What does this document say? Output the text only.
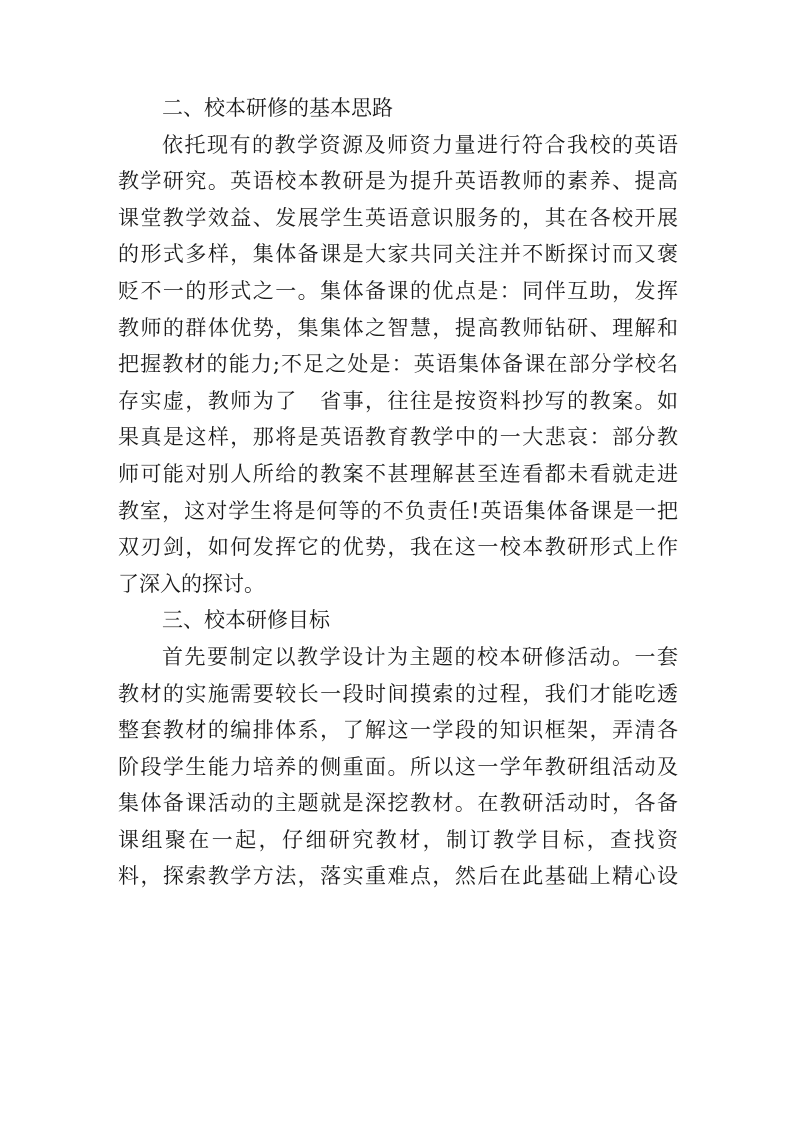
二、校本研修的基本思路
依托现有的教学资源及师资力量进行符合我校的英语
教学研究。英语校本教研是为提升英语教师的素养、提高
课堂教学效益、发展学生英语意识服务的，其在各校开展
的形式多样，集体备课是大家共同关注并不断探讨而又褒
贬不一的形式之一。集体备课的优点是：同伴互助，发挥
教师的群体优势，集集体之智慧，提高教师钻研、理解和
把握教材的能力;不足之处是：英语集体备课在部分学校名
存实虚，教师为了　省事，往往是按资料抄写的教案。如
果真是这样，那将是英语教育教学中的一大悲哀：部分教
师可能对别人所给的教案不甚理解甚至连看都未看就走进
教室，这对学生将是何等的不负责任!英语集体备课是一把
双刃剑，如何发挥它的优势，我在这一校本教研形式上作
了深入的探讨。
三、校本研修目标
首先要制定以教学设计为主题的校本研修活动。一套
教材的实施需要较长一段时间摸索的过程，我们才能吃透
整套教材的编排体系，了解这一学段的知识框架，弄清各
阶段学生能力培养的侧重面。所以这一学年教研组活动及
集体备课活动的主题就是深挖教材。在教研活动时，各备
课组聚在一起，仔细研究教材，制订教学目标，查找资
料，探索教学方法，落实重难点，然后在此基础上精心设
